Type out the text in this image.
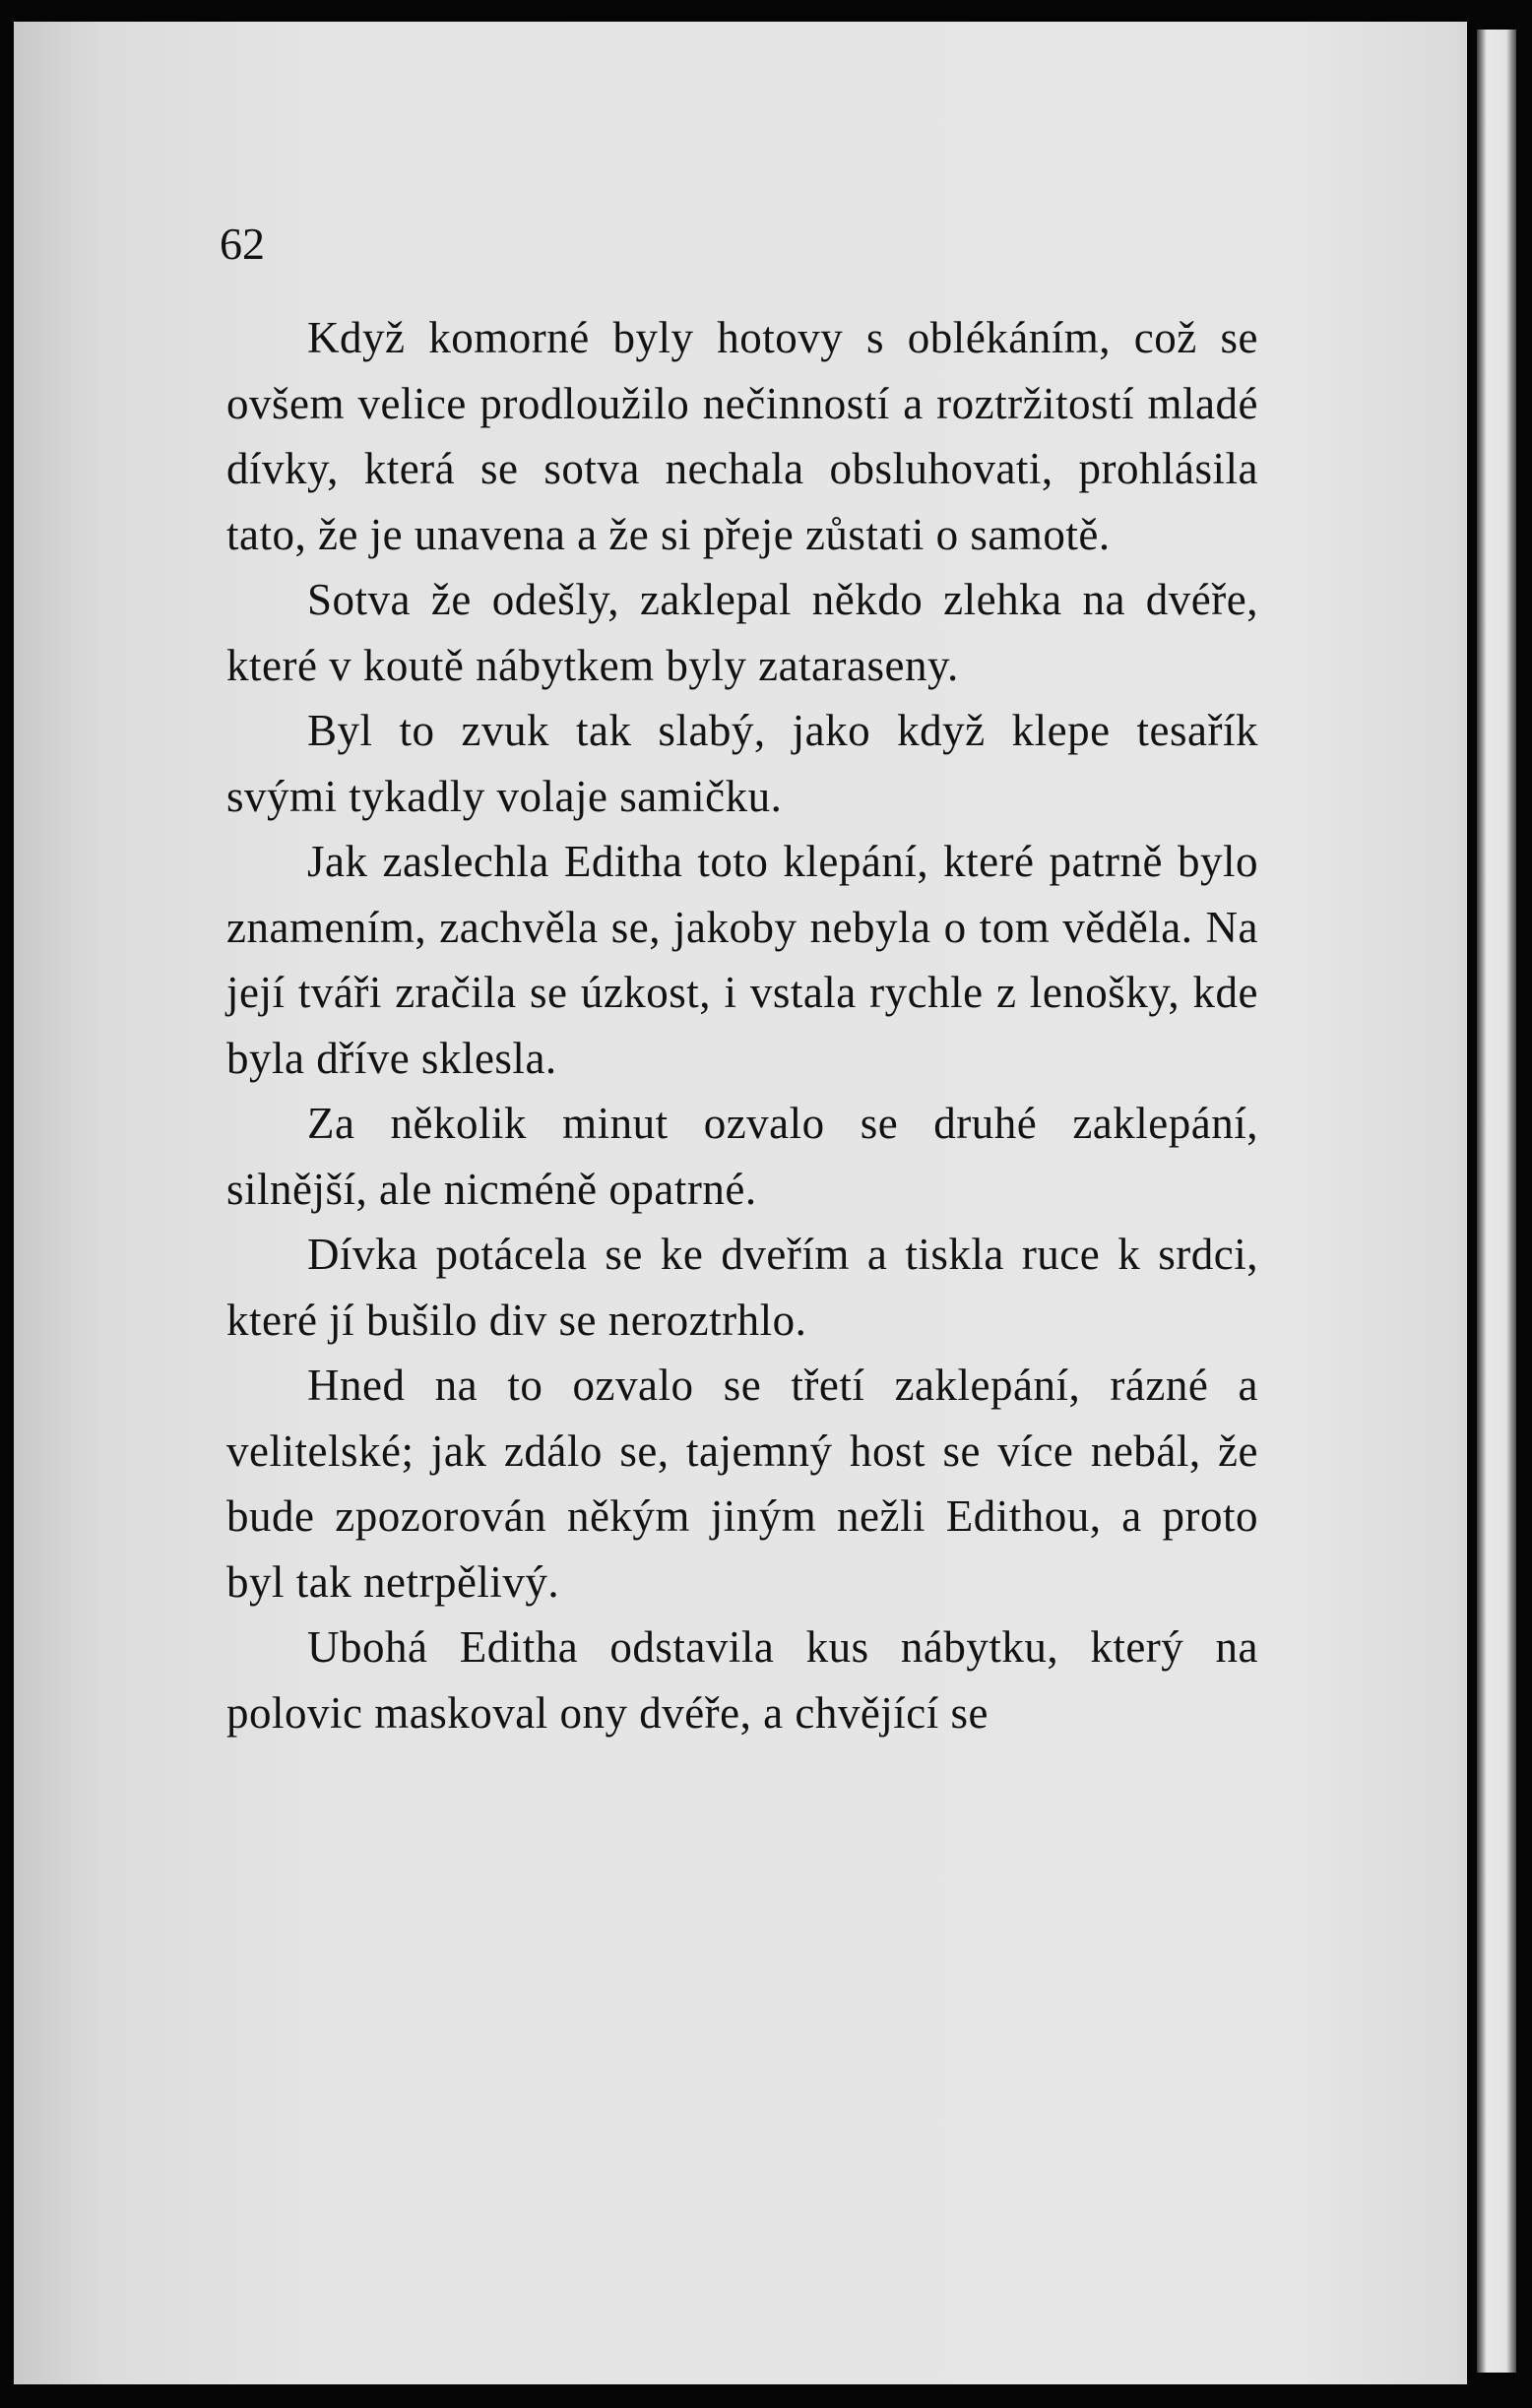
62

Když komorné byly hotovy s oblékáním, což se ovšem velice prodloužilo nečinností a roztržitostí mladé dívky, která se sotva nechala obsluhovati, prohlásila tato, že je unavena a že si přeje zůstati o samotě.

Sotva že odešly, zaklepal někdo zlehka na dvéře, které v koutě nábytkem byly zataraseny.

Byl to zvuk tak slabý, jako když klepe tesařík svými tykadly volaje samičku.

Jak zaslechla Editha toto klepání, které patrně bylo znamením, zachvěla se, jakoby nebyla o tom věděla. Na její tváři zračila se úzkost, i vstala rychle z lenošky, kde byla dříve sklesla.

Za několik minut ozvalo se druhé zaklepání, silnější, ale nicméně opatrné.

Dívka potácela se ke dveřím a tiskla ruce k srdci, které jí bušilo div se neroztrhlo.

Hned na to ozvalo se třetí zaklepání, rázné a velitelské; jak zdálo se, tajemný host se více nebál, že bude zpozorován někým jiným nežli Edithou, a proto byl tak netrpělivý.

Ubohá Editha odstavila kus nábytku, který na polovic maskoval ony dvéře, a chvějící se
